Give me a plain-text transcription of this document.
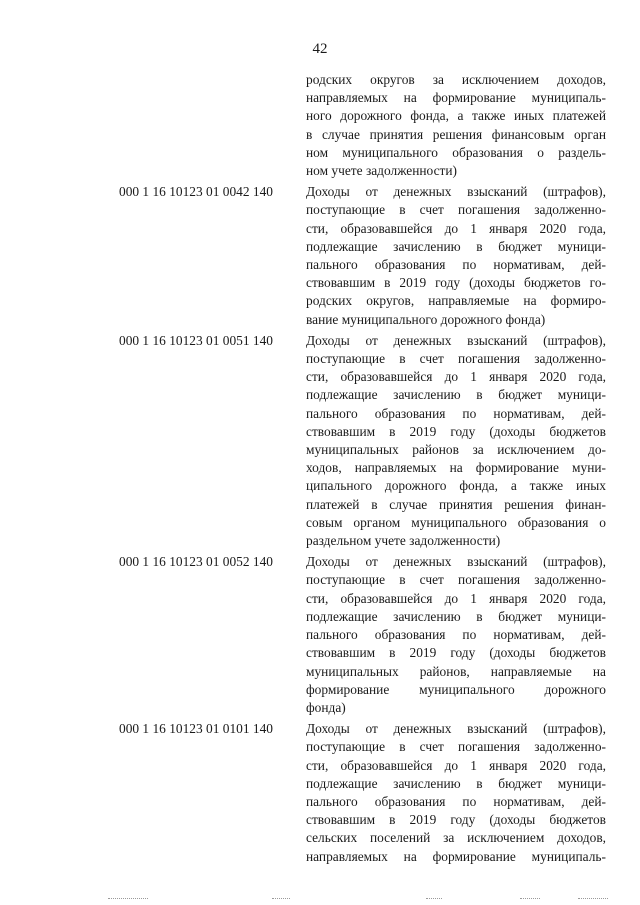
42
родских округов за исключением доходов,
направляемых на формирование муниципаль-
ного дорожного фонда, а также иных платежей
в случае принятия решения финансовым орган
ном муниципального образования о раздель-
ном учете задолженности)
000 1 16 10123 01 0042 140	Доходы от денежных взысканий (штрафов),
поступающие в счет погашения задолженно-
сти, образовавшейся до 1 января 2020 года,
подлежащие зачислению в бюджет муници-
пального образования по нормативам, дей-
ствовавшим в 2019 году (доходы бюджетов го-
родских округов, направляемые на формиро-
вание муниципального дорожного фонда)
000 1 16 10123 01 0051 140	Доходы от денежных взысканий (штрафов),
поступающие в счет погашения задолженно-
сти, образовавшейся до 1 января 2020 года,
подлежащие зачислению в бюджет муници-
пального образования по нормативам, дей-
ствовавшим в 2019 году (доходы бюджетов
муниципальных районов за исключением до-
ходов, направляемых на формирование муни-
ципального дорожного фонда, а также иных
платежей в случае принятия решения финан-
совым органом муниципального образования о
раздельном учете задолженности)
000 1 16 10123 01 0052 140	Доходы от денежных взысканий (штрафов),
поступающие в счет погашения задолженно-
сти, образовавшейся до 1 января 2020 года,
подлежащие зачислению в бюджет муници-
пального образования по нормативам, дей-
ствовавшим в 2019 году (доходы бюджетов
муниципальных районов, направляемые на
формирование муниципального дорожного
фонда)
000 1 16 10123 01 0101 140	Доходы от денежных взысканий (штрафов),
поступающие в счет погашения задолженно-
сти, образовавшейся до 1 января 2020 года,
подлежащие зачислению в бюджет муници-
пального образования по нормативам, дей-
ствовавшим в 2019 году (доходы бюджетов
сельских поселений за исключением доходов,
направляемых на формирование муниципаль-
